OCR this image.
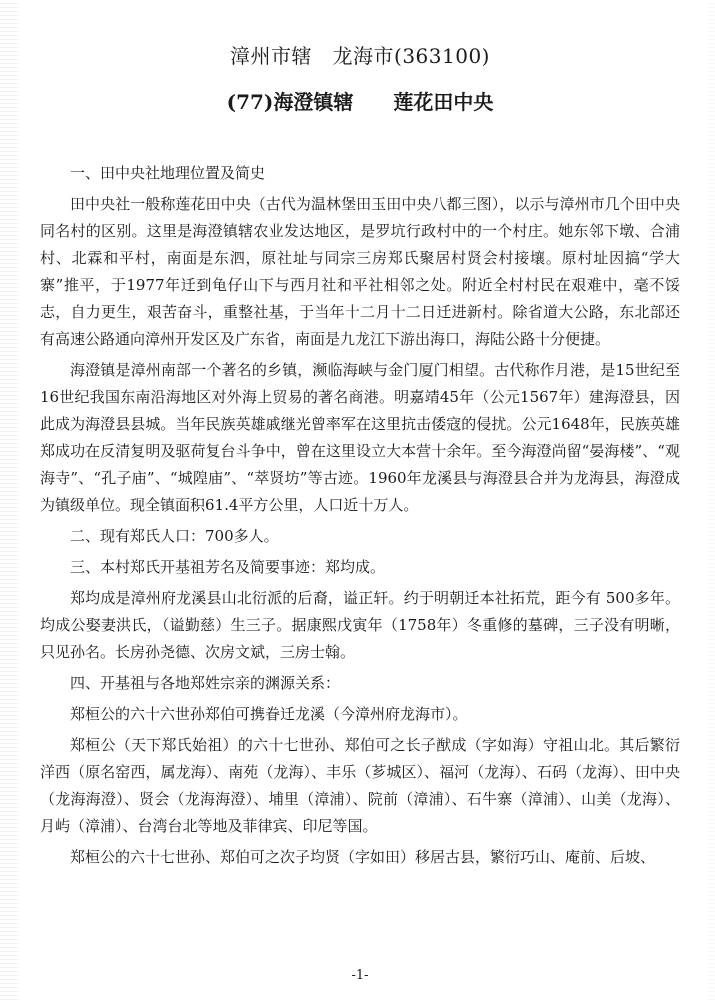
漳州市辖　龙海市(363100)
(77)海澄镇辖　　莲花田中央

一、田中央社地理位置及简史

田中央社一般称莲花田中央（古代为温林堡田玉田中央八都三图），以示与漳州市几个田中央同名村的区别。这里是海澄镇辖农业发达地区，是罗坑行政村中的一个村庄。她东邻下墩、合浦村、北霖和平村，南面是东泗，原社址与同宗三房郑氏聚居村贤会村接壤。原村址因搞“学大寨”推平，于1977年迁到龟仔山下与西月社和平社相邻之处。附近全村村民在艰难中，毫不馁志，自力更生，艰苦奋斗，重整社基，于当年十二月十二日迁进新村。除省道大公路，东北部还有高速公路通向漳州开发区及广东省，南面是九龙江下游出海口，海陆公路十分便捷。

海澄镇是漳州南部一个著名的乡镇，濒临海峡与金门厦门相望。古代称作月港，是15世纪至16世纪我国东南沿海地区对外海上贸易的著名商港。明嘉靖45年（公元1567年）建海澄县，因此成为海澄县县城。当年民族英雄戚继光曾率军在这里抗击倭寇的侵扰。公元1648年，民族英雄郑成功在反清复明及驱荷复台斗争中，曾在这里设立大本营十余年。至今海澄尚留“晏海楼”、“观海寺”、“孔子庙”、“城隍庙”、“萃贤坊”等古迹。1960年龙溪县与海澄县合并为龙海县，海澄成为镇级单位。现全镇面积61.4平方公里，人口近十万人。

二、现有郑氏人口：700多人。

三、本村郑氏开基祖芳名及简要事迹：郑均成。

郑均成是漳州府龙溪县山北衍派的后裔，谥正轩。约于明朝迁本社拓荒，距今有 500多年。均成公娶妻洪氏，（谥勤慈）生三子。据康熙戊寅年（1758年）冬重修的墓碑，三子没有明晰，只见孙名。长房孙尧德、次房文斌，三房士翰。

四、开基祖与各地郑姓宗亲的渊源关系：

郑桓公的六十六世孙郑伯可携眷迁龙溪（今漳州府龙海市）。

郑桓公（天下郑氏始祖）的六十七世孙、郑伯可之长子猷成（字如海）守祖山北。其后繁衍洋西（原名窑西，属龙海）、南苑（龙海）、丰乐（芗城区）、福河（龙海）、石码（龙海）、田中央（龙海海澄）、贤会（龙海海澄）、埔里（漳浦）、院前（漳浦）、石牛寨（漳浦）、山美（龙海）、月屿（漳浦）、台湾台北等地及菲律宾、印尼等国。

郑桓公的六十七世孙、郑伯可之次子均贤（字如田）移居古县，繁衍巧山、庵前、后坡、

-1-
